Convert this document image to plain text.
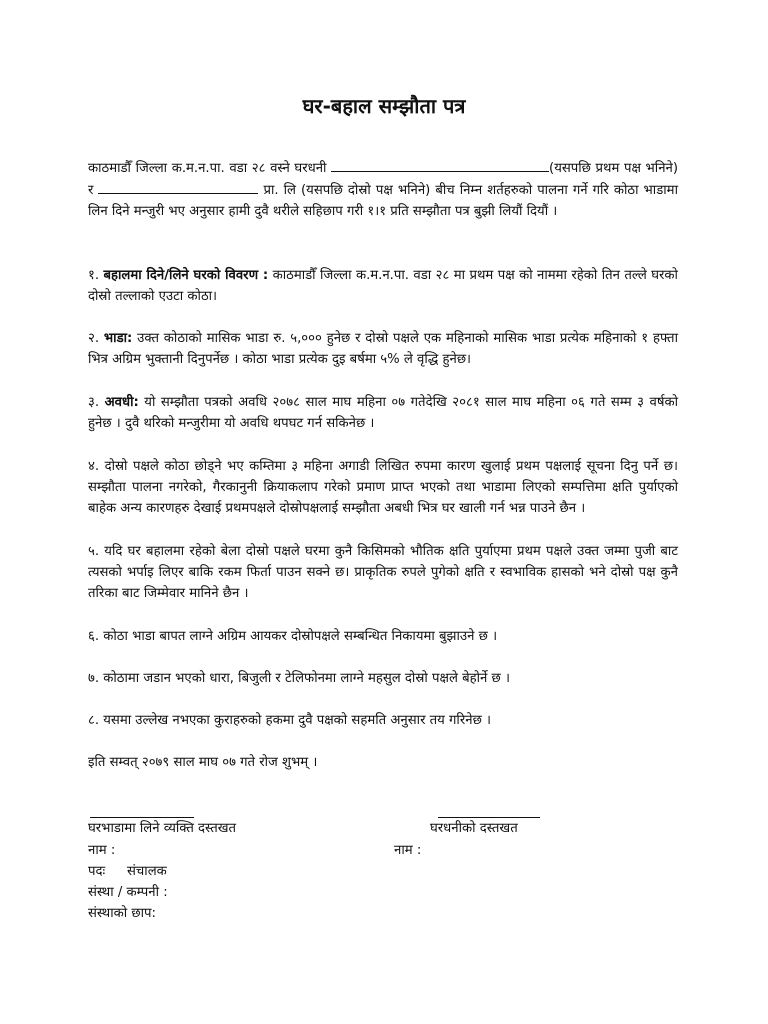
घर-बहाल सम्झौता पत्र

काठमाडौँ जिल्ला क.म.न.पा. वडा २८ वस्ने घरधनी	(यसपछि प्रथम पक्ष भनिने) र	प्रा. लि (यसपछि दोस्रो पक्ष भनिने) बीच निम्न शर्तहरुको पालना गर्ने गरि कोठा भाडामा लिन दिने मन्जुरी भए अनुसार हामी दुवै थरीले सहिछाप गरी १।१ प्रति सम्झौता पत्र बुझी लियौं दियौं ।

१. बहालमा दिने/लिने घरको विवरण : काठमाडौँ जिल्ला क.म.न.पा. वडा २८ मा प्रथम पक्ष को नाममा रहेको तिन तल्ले घरको दोस्रो तल्लाको एउटा कोठा।

२. भाडा: उक्त कोठाको मासिक भाडा रु. ५,००० हुनेछ र दोस्रो पक्षले एक महिनाको मासिक भाडा प्रत्येक महिनाको १ हफ्ता भित्र अग्रिम भुक्तानी दिनुपर्नेछ । कोठा भाडा प्रत्येक दुइ बर्षमा ५% ले वृद्धि हुनेछ।

३. अवधी: यो सम्झौता पत्रको अवधि २०७८ साल माघ महिना ०७ गतेदेखि २०८१ साल माघ महिना ०६ गते सम्म ३ वर्षको हुनेछ । दुवै थरिको मन्जुरीमा यो अवधि थपघट गर्न सकिनेछ ।

४. दोस्रो पक्षले कोठा छोड्ने भए कम्तिमा ३ महिना अगाडी लिखित रुपमा कारण खुलाई प्रथम पक्षलाई सूचना दिनु पर्ने छ। सम्झौता पालना नगरेको, गैरकानुनी क्रियाकलाप गरेको प्रमाण प्राप्त भएको तथा भाडामा लिएको सम्पत्तिमा क्षति पुर्याएको बाहेक अन्य कारणहरु देखाई प्रथमपक्षले दोस्रोपक्षलाई सम्झौता अबधी भित्र घर खाली गर्न भन्न पाउने छैन ।

५. यदि घर बहालमा रहेको बेला दोस्रो पक्षले घरमा कुनै किसिमको भौतिक क्षति पुर्याएमा प्रथम पक्षले उक्त जम्मा पुजी बाट त्यसको भर्पाइ लिएर बाकि रकम फिर्ता पाउन सक्ने छ। प्राकृतिक रुपले पुगेको क्षति र स्वभाविक हासको भने दोस्रो पक्ष कुनै तरिका बाट जिम्मेवार मानिने छैन ।

६. कोठा भाडा बापत लाग्ने अग्रिम आयकर दोस्रोपक्षले सम्बन्धित निकायमा बुझाउने छ ।

७. कोठामा जडान भएको धारा, बिजुली र टेलिफोनमा लाग्ने महसुल दोस्रो पक्षले बेहोर्ने छ ।

८. यसमा उल्लेख नभएका कुराहरुको हकमा दुवै पक्षको सहमति अनुसार तय गरिनेछ ।

इति सम्वत् २०७९ साल माघ ०७ गते रोज शुभम् ।

घरभाडामा लिने व्यक्ति दस्तखत	घरधनीको दस्तखत
नाम :	नाम :
पदः संचालक
संस्था / कम्पनी :
संस्थाको छाप:
